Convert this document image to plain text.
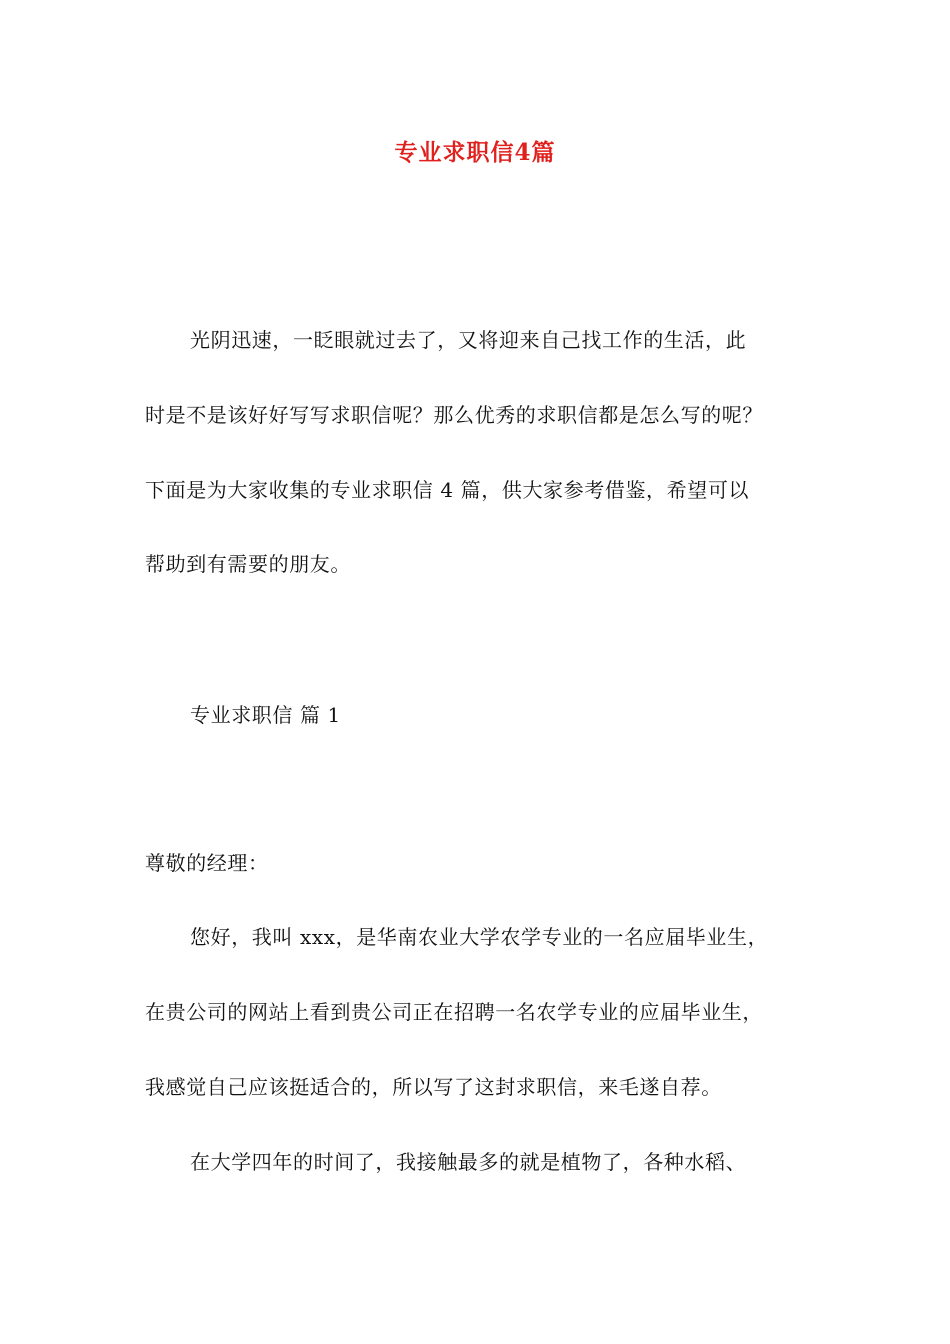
专业求职信4篇
光阴迅速，一眨眼就过去了，又将迎来自己找工作的生活，此
时是不是该好好写写求职信呢？那么优秀的求职信都是怎么写的呢？
下面是为大家收集的专业求职信 4 篇，供大家参考借鉴，希望可以
帮助到有需要的朋友。
专业求职信 篇 1
尊敬的经理：
您好，我叫 xxx，是华南农业大学农学专业的一名应届毕业生，
在贵公司的网站上看到贵公司正在招聘一名农学专业的应届毕业生，
我感觉自己应该挺适合的，所以写了这封求职信，来毛遂自荐。
在大学四年的时间了，我接触最多的就是植物了，各种水稻、
